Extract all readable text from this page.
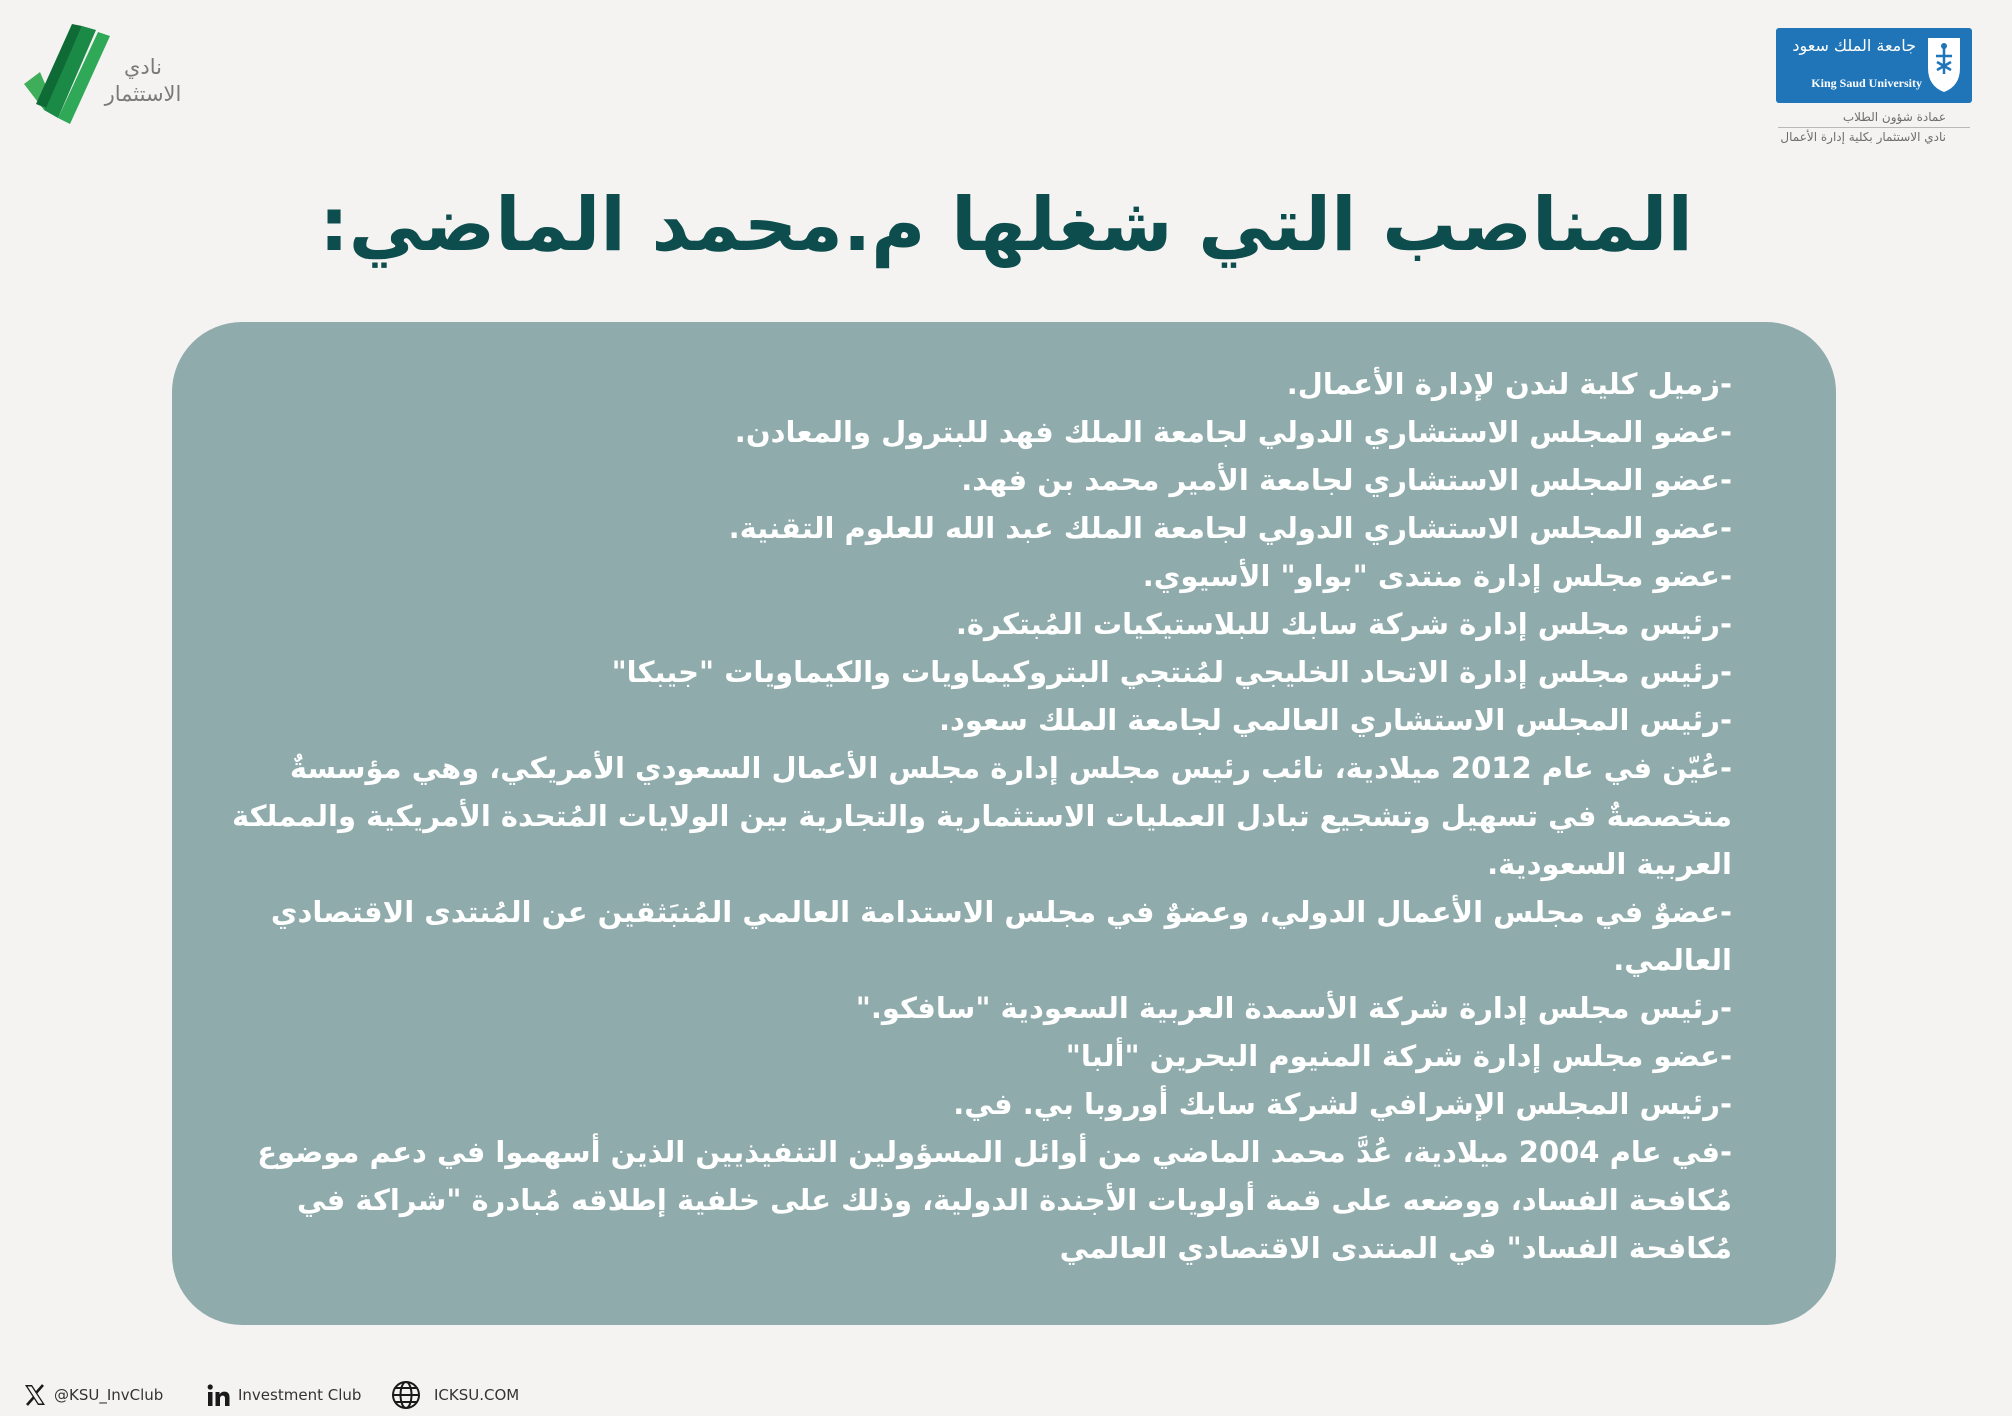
نادي
الاستثمار
جامعة الملك سعود
King Saud University
عمادة شؤون الطلاب
نادي الاستثمار بكلية إدارة الأعمال
المناصب التي شغلها م.محمد الماضي:
-زميل كلية لندن لإدارة الأعمال.
-عضو المجلس الاستشاري الدولي لجامعة الملك فهد للبترول والمعادن.
-عضو المجلس الاستشاري لجامعة الأمير محمد بن فهد.
-عضو المجلس الاستشاري الدولي لجامعة الملك عبد الله للعلوم التقنية.
-عضو مجلس إدارة منتدى "بواو" الأسيوي.
-رئيس مجلس إدارة شركة سابك للبلاستيكيات المُبتكرة.
-رئيس مجلس إدارة الاتحاد الخليجي لمُنتجي البتروكيماويات والكيماويات "جيبكا"
-رئيس المجلس الاستشاري العالمي لجامعة الملك سعود.
-عُيّن في عام 2012 ميلادية، نائب رئيس مجلس إدارة مجلس الأعمال السعودي الأمريكي، وهي مؤسسةٌ متخصصةٌ في تسهيل وتشجيع تبادل العمليات الاستثمارية والتجارية بين الولايات المُتحدة الأمريكية والمملكة العربية السعودية.
-عضوٌ في مجلس الأعمال الدولي، وعضوٌ في مجلس الاستدامة العالمي المُنبَثقين عن المُنتدى الاقتصادي العالمي.
-رئيس مجلس إدارة شركة الأسمدة العربية السعودية "سافكو."
-عضو مجلس إدارة شركة المنيوم البحرين "ألبا"
-رئيس المجلس الإشرافي لشركة سابك أوروبا بي. في.
-في عام 2004 ميلادية، عُدَّ محمد الماضي من أوائل المسؤولين التنفيذيين الذين أسهموا في دعم موضوع مُكافحة الفساد، ووضعه على قمة أولويات الأجندة الدولية، وذلك على خلفية إطلاقه مُبادرة "شراكة في مُكافحة الفساد" في المنتدى الاقتصادي العالمي
@KSU_InvClub	Investment Club	ICKSU.COM
